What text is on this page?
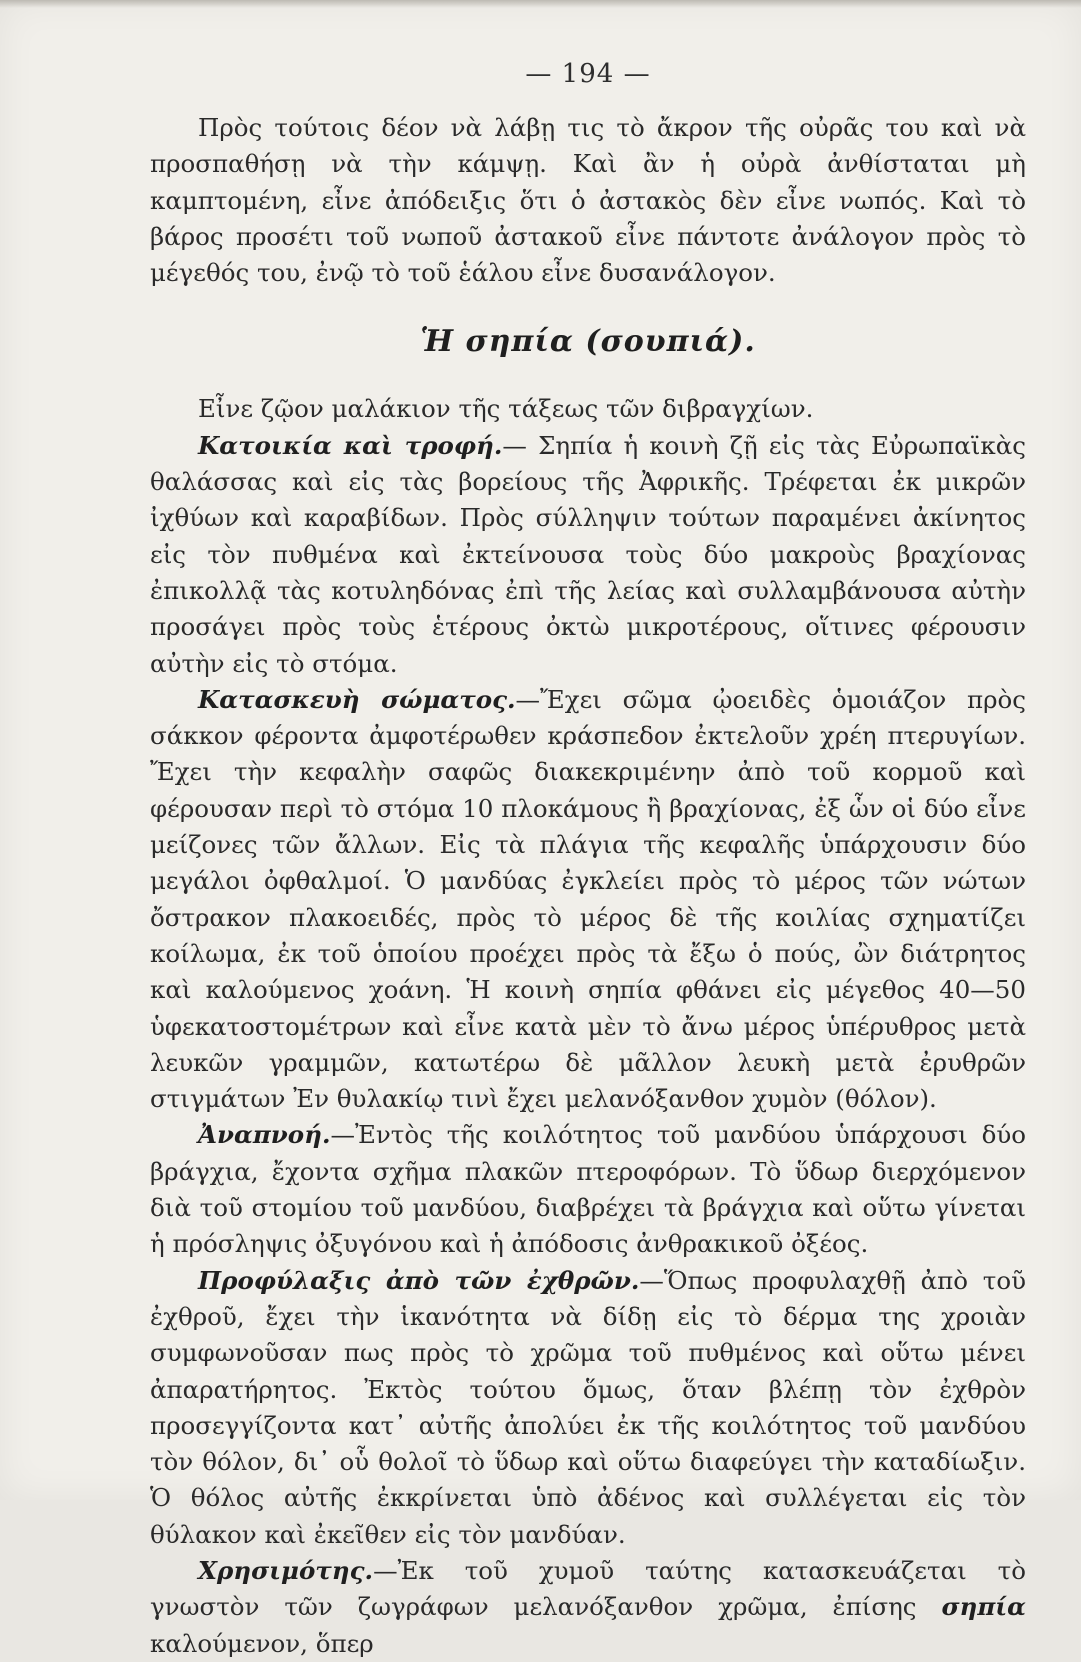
— 194 —

Πρὸς τούτοις δέον νὰ λάβῃ τις τὸ ἄκρον τῆς οὐρᾶς του καὶ νὰ προσπαθήσῃ νὰ τὴν κάμψῃ. Καὶ ἂν ἡ οὐρὰ ἀνθίσταται μὴ καμπτομένη, εἶνε ἀπόδειξις ὅτι ὁ ἀστακὸς δὲν εἶνε νωπός. Καὶ τὸ βάρος προσέτι τοῦ νωποῦ ἀστακοῦ εἶνε πάντοτε ἀνάλογον πρὸς τὸ μέγεθός του, ἐνῷ τὸ τοῦ ἑάλου εἶνε δυσανάλογον.

Ἡ σηπία (σουπιά).

Εἶνε ζῷον μαλάκιον τῆς τάξεως τῶν διβραγχίων.

Κατοικία καὶ τροφή.— Σηπία ἡ κοινὴ ζῇ εἰς τὰς Εὐρωπαϊκὰς θαλάσσας καὶ εἰς τὰς βορείους τῆς Ἀφρικῆς. Τρέφεται ἐκ μικρῶν ἰχθύων καὶ καραβίδων. Πρὸς σύλληψιν τούτων παραμένει ἀκίνητος εἰς τὸν πυθμένα καὶ ἐκτείνουσα τοὺς δύο μακροὺς βραχίονας ἐπικολλᾷ τὰς κοτυληδόνας ἐπὶ τῆς λείας καὶ συλλαμβάνουσα αὐτὴν προσάγει πρὸς τοὺς ἑτέρους ὀκτὼ μικροτέρους, οἵτινες φέρουσιν αὐτὴν εἰς τὸ στόμα.

Κατασκευὴ σώματος.—Ἔχει σῶμα ᾠοειδὲς ὁμοιάζον πρὸς σάκκον φέροντα ἀμφοτέρωθεν κράσπεδον ἐκτελοῦν χρέη πτερυγίων. Ἔχει τὴν κεφαλὴν σαφῶς διακεκριμένην ἀπὸ τοῦ κορμοῦ καὶ φέρουσαν περὶ τὸ στόμα 10 πλοκάμους ἢ βραχίονας, ἐξ ὧν οἱ δύο εἶνε μείζονες τῶν ἄλλων. Εἰς τὰ πλάγια τῆς κεφαλῆς ὑπάρχουσιν δύο μεγάλοι ὀφθαλμοί. Ὁ μανδύας ἐγκλείει πρὸς τὸ μέρος τῶν νώτων ὄστρακον πλακοειδές, πρὸς τὸ μέρος δὲ τῆς κοιλίας σχηματίζει κοίλωμα, ἐκ τοῦ ὁποίου προέχει πρὸς τὰ ἔξω ὁ πούς, ὢν διάτρητος καὶ καλούμενος χοάνη. Ἡ κοινὴ σηπία φθάνει εἰς μέγεθος 40—50 ὑφεκατοστομέτρων καὶ εἶνε κατὰ μὲν τὸ ἄνω μέρος ὑπέρυθρος μετὰ λευκῶν γραμμῶν, κατωτέρω δὲ μᾶλλον λευκὴ μετὰ ἐρυθρῶν στιγμάτων Ἐν θυλακίῳ τινὶ ἔχει μελανόξανθον χυμὸν (θόλον).

Ἀναπνοή.—Ἐντὸς τῆς κοιλότητος τοῦ μανδύου ὑπάρχουσι δύο βράγχια, ἔχοντα σχῆμα πλακῶν πτεροφόρων. Τὸ ὕδωρ διερχόμενον διὰ τοῦ στομίου τοῦ μανδύου, διαβρέχει τὰ βράγχια καὶ οὕτω γίνεται ἡ πρόσληψις ὀξυγόνου καὶ ἡ ἀπόδοσις ἀνθρακικοῦ ὀξέος.

Προφύλαξις ἀπὸ τῶν ἐχθρῶν.—Ὅπως προφυλαχθῇ ἀπὸ τοῦ ἐχθροῦ, ἔχει τὴν ἱκανότητα νὰ δίδῃ εἰς τὸ δέρμα της χροιὰν συμφωνοῦσαν πως πρὸς τὸ χρῶμα τοῦ πυθμένος καὶ οὕτω μένει ἀπαρατήρητος. Ἐκτὸς τούτου ὅμως, ὅταν βλέπῃ τὸν ἐχθρὸν προσεγγίζοντα κατ᾽ αὐτῆς ἀπολύει ἐκ τῆς κοιλότητος τοῦ μανδύου τὸν θόλον, δι᾽ οὗ θολοῖ τὸ ὕδωρ καὶ οὕτω διαφεύγει τὴν καταδίωξιν. Ὁ θόλος αὐτῆς ἐκκρίνεται ὑπὸ ἀδένος καὶ συλλέγεται εἰς τὸν θύλακον καὶ ἐκεῖθεν εἰς τὸν μανδύαν.

Χρησιμότης.—Ἐκ τοῦ χυμοῦ ταύτης κατασκευάζεται τὸ γνωστὸν τῶν ζωγράφων μελανόξανθον χρῶμα, ἐπίσης σηπία καλούμενον, ὅπερ
